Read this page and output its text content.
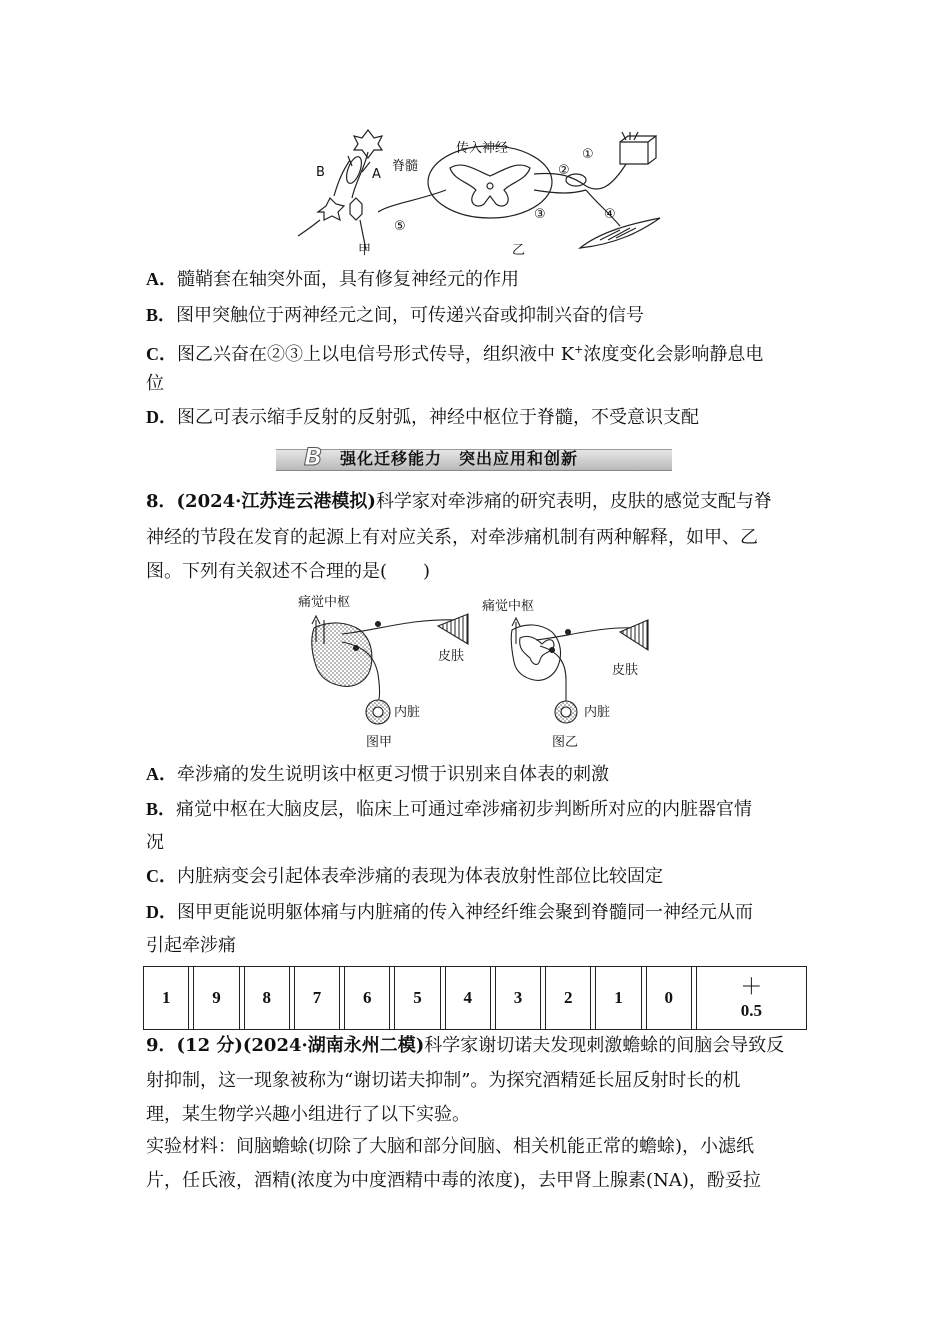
传入神经
脊髓
B	A
①
②
③	④
⑤
甲	乙
A．髓鞘套在轴突外面，具有修复神经元的作用
B．图甲突触位于两神经元之间，可传递兴奋或抑制兴奋的信号
C．图乙兴奋在②③上以电信号形式传导，组织液中 K+浓度变化会影响静息电
位
D．图乙可表示缩手反射的反射弧，神经中枢位于脊髓，不受意识支配
B	强化迁移能力　突出应用和创新
8．(2024·江苏连云港模拟)科学家对牵涉痛的研究表明，皮肤的感觉支配与脊
神经的节段在发育的起源上有对应关系，对牵涉痛机制有两种解释，如甲、乙
图。下列有关叙述不合理的是(　　)
痛觉中枢
皮肤
内脏
图甲
痛觉中枢
皮肤
内脏
图乙
A．牵涉痛的发生说明该中枢更习惯于识别来自体表的刺激
B．痛觉中枢在大脑皮层，临床上可通过牵涉痛初步判断所对应的内脏器官情
况
C．内脏病变会引起体表牵涉痛的表现为体表放射性部位比较固定
D．图甲更能说明躯体痛与内脏痛的传入神经纤维会聚到脊髓同一神经元从而
引起牵涉痛
1		9		8		7		6		5		4		3		2		1		0		＋
0.5
9．(12 分)(2024·湖南永州二模)科学家谢切诺夫发现刺激蟾蜍的间脑会导致反
射抑制，这一现象被称为“谢切诺夫抑制”。为探究酒精延长屈反射时长的机
理，某生物学兴趣小组进行了以下实验。
实验材料：间脑蟾蜍(切除了大脑和部分间脑、相关机能正常的蟾蜍)，小滤纸
片，任氏液，酒精(浓度为中度酒精中毒的浓度)，去甲肾上腺素(NA)，酚妥拉
